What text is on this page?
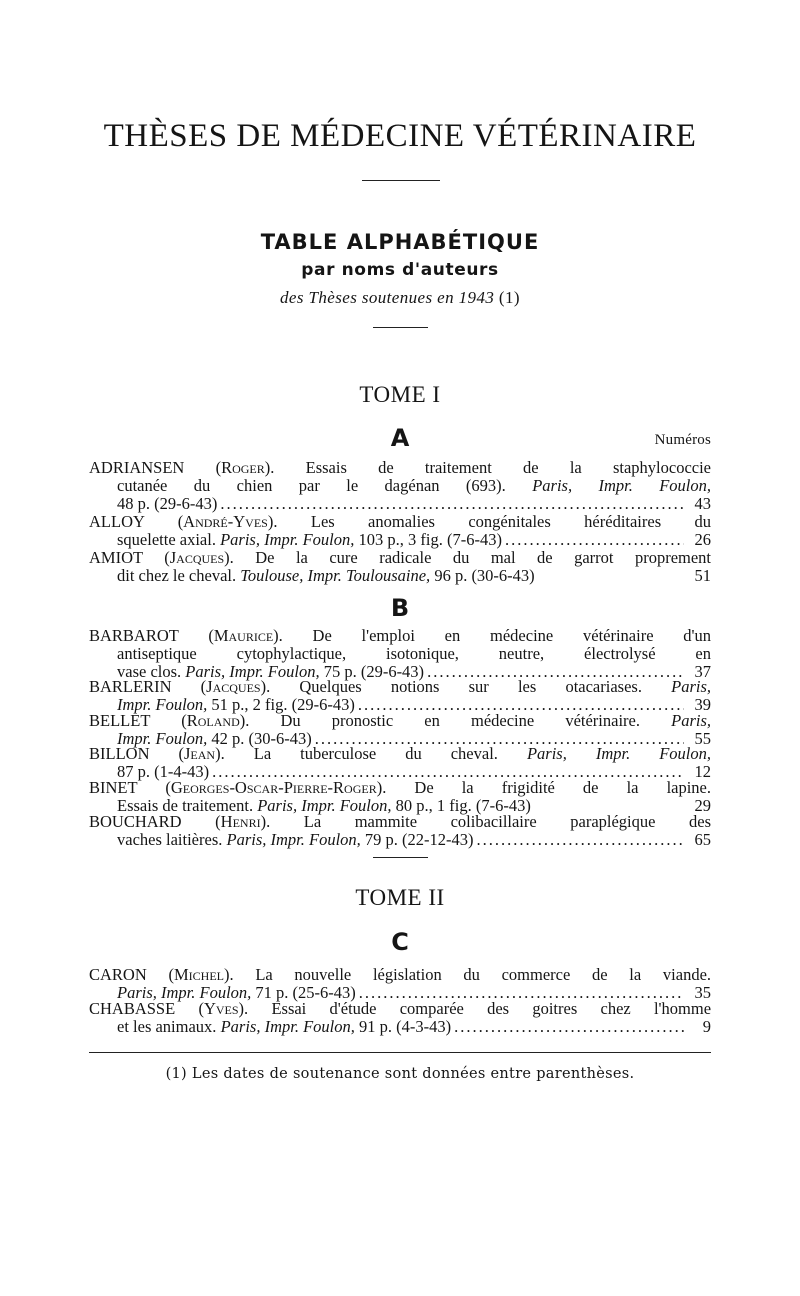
THÈSES DE MÉDECINE VÉTÉRINAIRE
TABLE ALPHABÉTIQUE
par noms d'auteurs
des Thèses soutenues en 1943 (1)
TOME I
A	Numéros
ADRIANSEN (Roger). Essais de traitement de la staphylococcie
cutanée du chien par le dagénan (693). Paris, Impr. Foulon,
48 p. (29-6-43) .....	43
ALLOY (André-Yves). Les anomalies congénitales héréditaires du
squelette axial. Paris, Impr. Foulon, 103 p., 3 fig. (7-6-43) .....	26
AMIOT (Jacques). De la cure radicale du mal de garrot proprement
dit chez le cheval. Toulouse, Impr. Toulousaine, 96 p. (30-6-43)	51
B
BARBAROT (Maurice). De l'emploi en médecine vétérinaire d'un
antiseptique cytophylactique, isotonique, neutre, électrolysé en
vase clos. Paris, Impr. Foulon, 75 p. (29-6-43) .....	37
BARLERIN (Jacques). Quelques notions sur les otacariases. Paris,
Impr. Foulon, 51 p., 2 fig. (29-6-43) .....	39
BELLET (Roland). Du pronostic en médecine vétérinaire. Paris,
Impr. Foulon, 42 p. (30-6-43) .....	55
BILLON (Jean). La tuberculose du cheval. Paris, Impr. Foulon,
87 p. (1-4-43) .....	12
BINET (Georges-Oscar-Pierre-Roger). De la frigidité de la lapine.
Essais de traitement. Paris, Impr. Foulon, 80 p., 1 fig. (7-6-43)	29
BOUCHARD (Henri). La mammite colibacillaire paraplégique des
vaches laitières. Paris, Impr. Foulon, 79 p. (22-12-43) .....	65
TOME II
C
CARON (Michel). La nouvelle législation du commerce de la viande.
Paris, Impr. Foulon, 71 p. (25-6-43) .....	35
CHABASSE (Yves). Essai d'étude comparée des goitres chez l'homme
et les animaux. Paris, Impr. Foulon, 91 p. (4-3-43) .....	9
(1) Les dates de soutenance sont données entre parenthèses.
